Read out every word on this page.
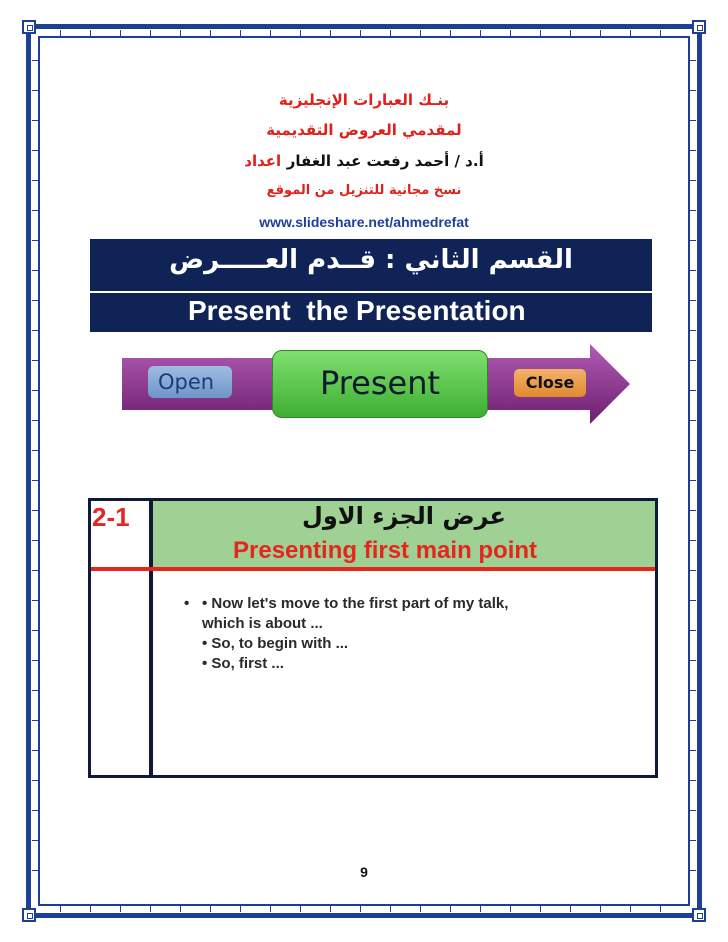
بنـك العبارات الإنجليزية
لمقدمي العروض التقديمية
أ.د / أحمد رفعت عبد الغفار اعداد
نسخ مجانية للتنزيل من الموقع
www.slideshare.net/ahmedrefat
القسم الثاني : قــدم العـــــرض
Present  the Presentation
Open	Present	Close
2-1	عرض الجزء الاول
Presenting first main point
• • Now let's move to the first part of my talk,
which is about ...
• So, to begin with ...
• So, first ...
9
